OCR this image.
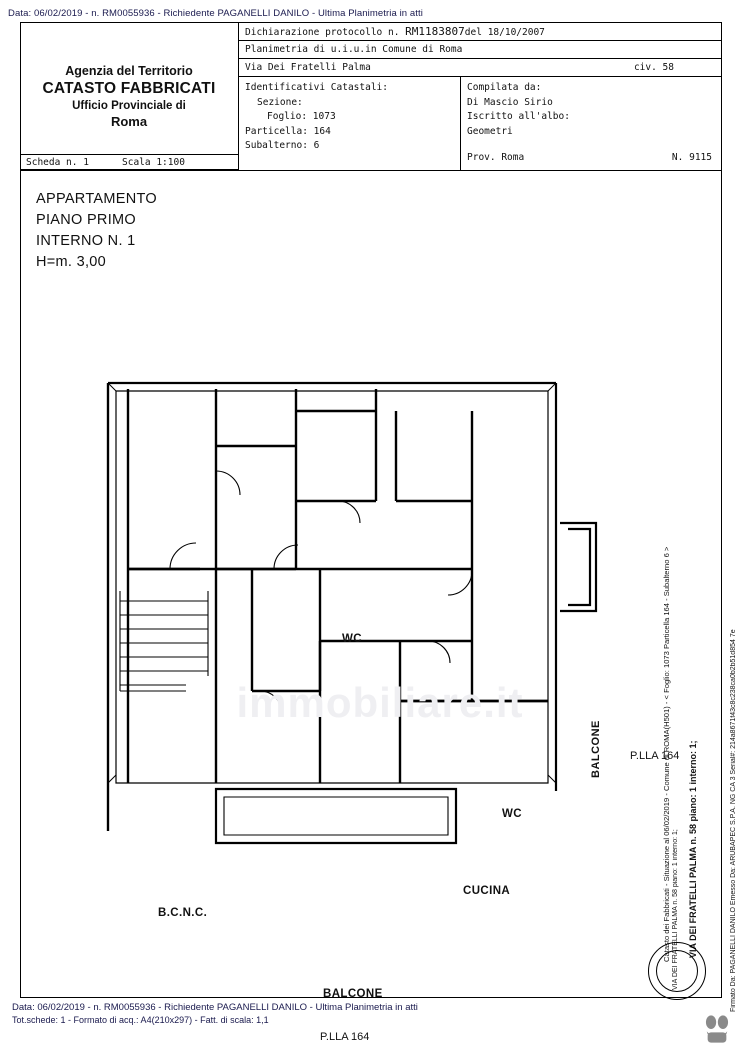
Data: 06/02/2019 - n. RM0055936 - Richiedente PAGANELLI DANILO - Ultima Planimetria in atti
Agenzia del Territorio
CATASTO FABBRICATI
Ufficio Provinciale di
Roma
Dichiarazione protocollo n. RM1183807del 18/10/2007
Planimetria di u.i.u.in Comune di Roma
Via Dei Fratelli Palma	civ. 58
Identificativi Catastali:
Sezione:
Foglio: 1073
Particella: 164
Subalterno: 6
Compilata da:
Di Mascio Sirio
Iscritto all'albo:
Geometri
Prov. Roma	N. 9115
Scheda n. 1	Scala 1:100
APPARTAMENTO
PIANO PRIMO
INTERNO N. 1
H=m. 3,00
immobiliare.it
WC
WC
CUCINA
B.C.N.C.
BALCONE
BALCONE	P.LLA 164
P.LLA 164
Catasto dei Fabbricati - Situazione al 06/02/2019 - Comune di ROMA(H501) - < Foglio: 1073 Particella 164 - Subalterno 6 > VIA DEI FRATELLI PALMA n. 58 piano: 1 interno: 1; VIA DEI FRATELLI PALMA n. 58 piano: 1 interno: 1;	Firmato Da: PAGANELLI DANILO Emesso Da: ARUBAPEC S.P.A. NG CA 3 Serial#: 214a8671f43c8c238ca0b2b51d854 7e
Data: 06/02/2019 - n. RM0055936 - Richiedente PAGANELLI DANILO - Ultima Planimetria in atti
Tot.schede: 1 - Formato di acq.: A4(210x297) - Fatt. di scala: 1,1
